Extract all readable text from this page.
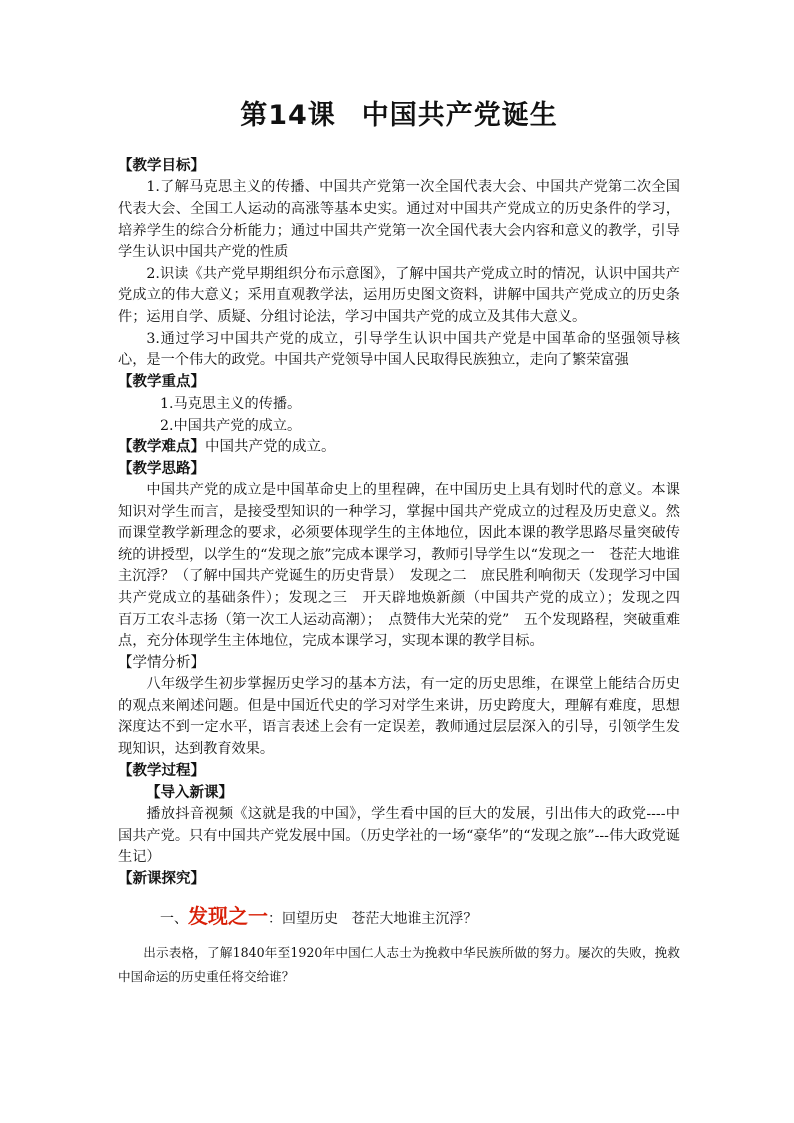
第14课 中国共产党诞生

【教学目标】

1.了解马克思主义的传播、中国共产党第一次全国代表大会、中国共产党第二次全国代表大会、全国工人运动的高涨等基本史实。通过对中国共产党成立的历史条件的学习，培养学生的综合分析能力；通过中国共产党第一次全国代表大会内容和意义的教学，引导学生认识中国共产党的性质

2.识读《共产党早期组织分布示意图》，了解中国共产党成立时的情况，认识中国共产党成立的伟大意义；采用直观教学法，运用历史图文资料，讲解中国共产党成立的历史条件；运用自学、质疑、分组讨论法，学习中国共产党的成立及其伟大意义。

3.通过学习中国共产党的成立，引导学生认识中国共产党是中国革命的坚强领导核心，是一个伟大的政党。中国共产党领导中国人民取得民族独立，走向了繁荣富强

【教学重点】

1.马克思主义的传播。

2.中国共产党的成立。

【教学难点】中国共产党的成立。

【教学思路】

中国共产党的成立是中国革命史上的里程碑，在中国历史上具有划时代的意义。本课知识对学生而言，是接受型知识的一种学习，掌握中国共产党成立的过程及历史意义。然而课堂教学新理念的要求，必须要体现学生的主体地位，因此本课的教学思路尽量突破传统的讲授型，以学生的“发现之旅”完成本课学习，教师引导学生以“发现之一　苍茫大地谁主沉浮？（了解中国共产党诞生的历史背景）　发现之二　庶民胜利响彻天（发现学习中国共产党成立的基础条件）；发现之三　开天辟地焕新颜（中国共产党的成立）；发现之四　百万工农斗志扬（第一次工人运动高潮）；　点赞伟大光荣的党”　五个发现路程，突破重难点，充分体现学生主体地位，完成本课学习，实现本课的教学目标。

【学情分析】

八年级学生初步掌握历史学习的基本方法，有一定的历史思维，在课堂上能结合历史的观点来阐述问题。但是中国近代史的学习对学生来讲，历史跨度大，理解有难度，思想深度达不到一定水平，语言表述上会有一定误差，教师通过层层深入的引导，引领学生发现知识，达到教育效果。

【教学过程】

【导入新课】

播放抖音视频《这就是我的中国》，学生看中国的巨大的发展，引出伟大的政党----中国共产党。只有中国共产党发展中国。（历史学社的一场“豪华”的“发现之旅”---伟大政党诞生记）

【新课探究】

一、发现之一：回望历史 苍茫大地谁主沉浮？

出示表格，了解1840年至1920年中国仁人志士为挽救中华民族所做的努力。屡次的失败，挽救中国命运的历史重任将交给谁？
